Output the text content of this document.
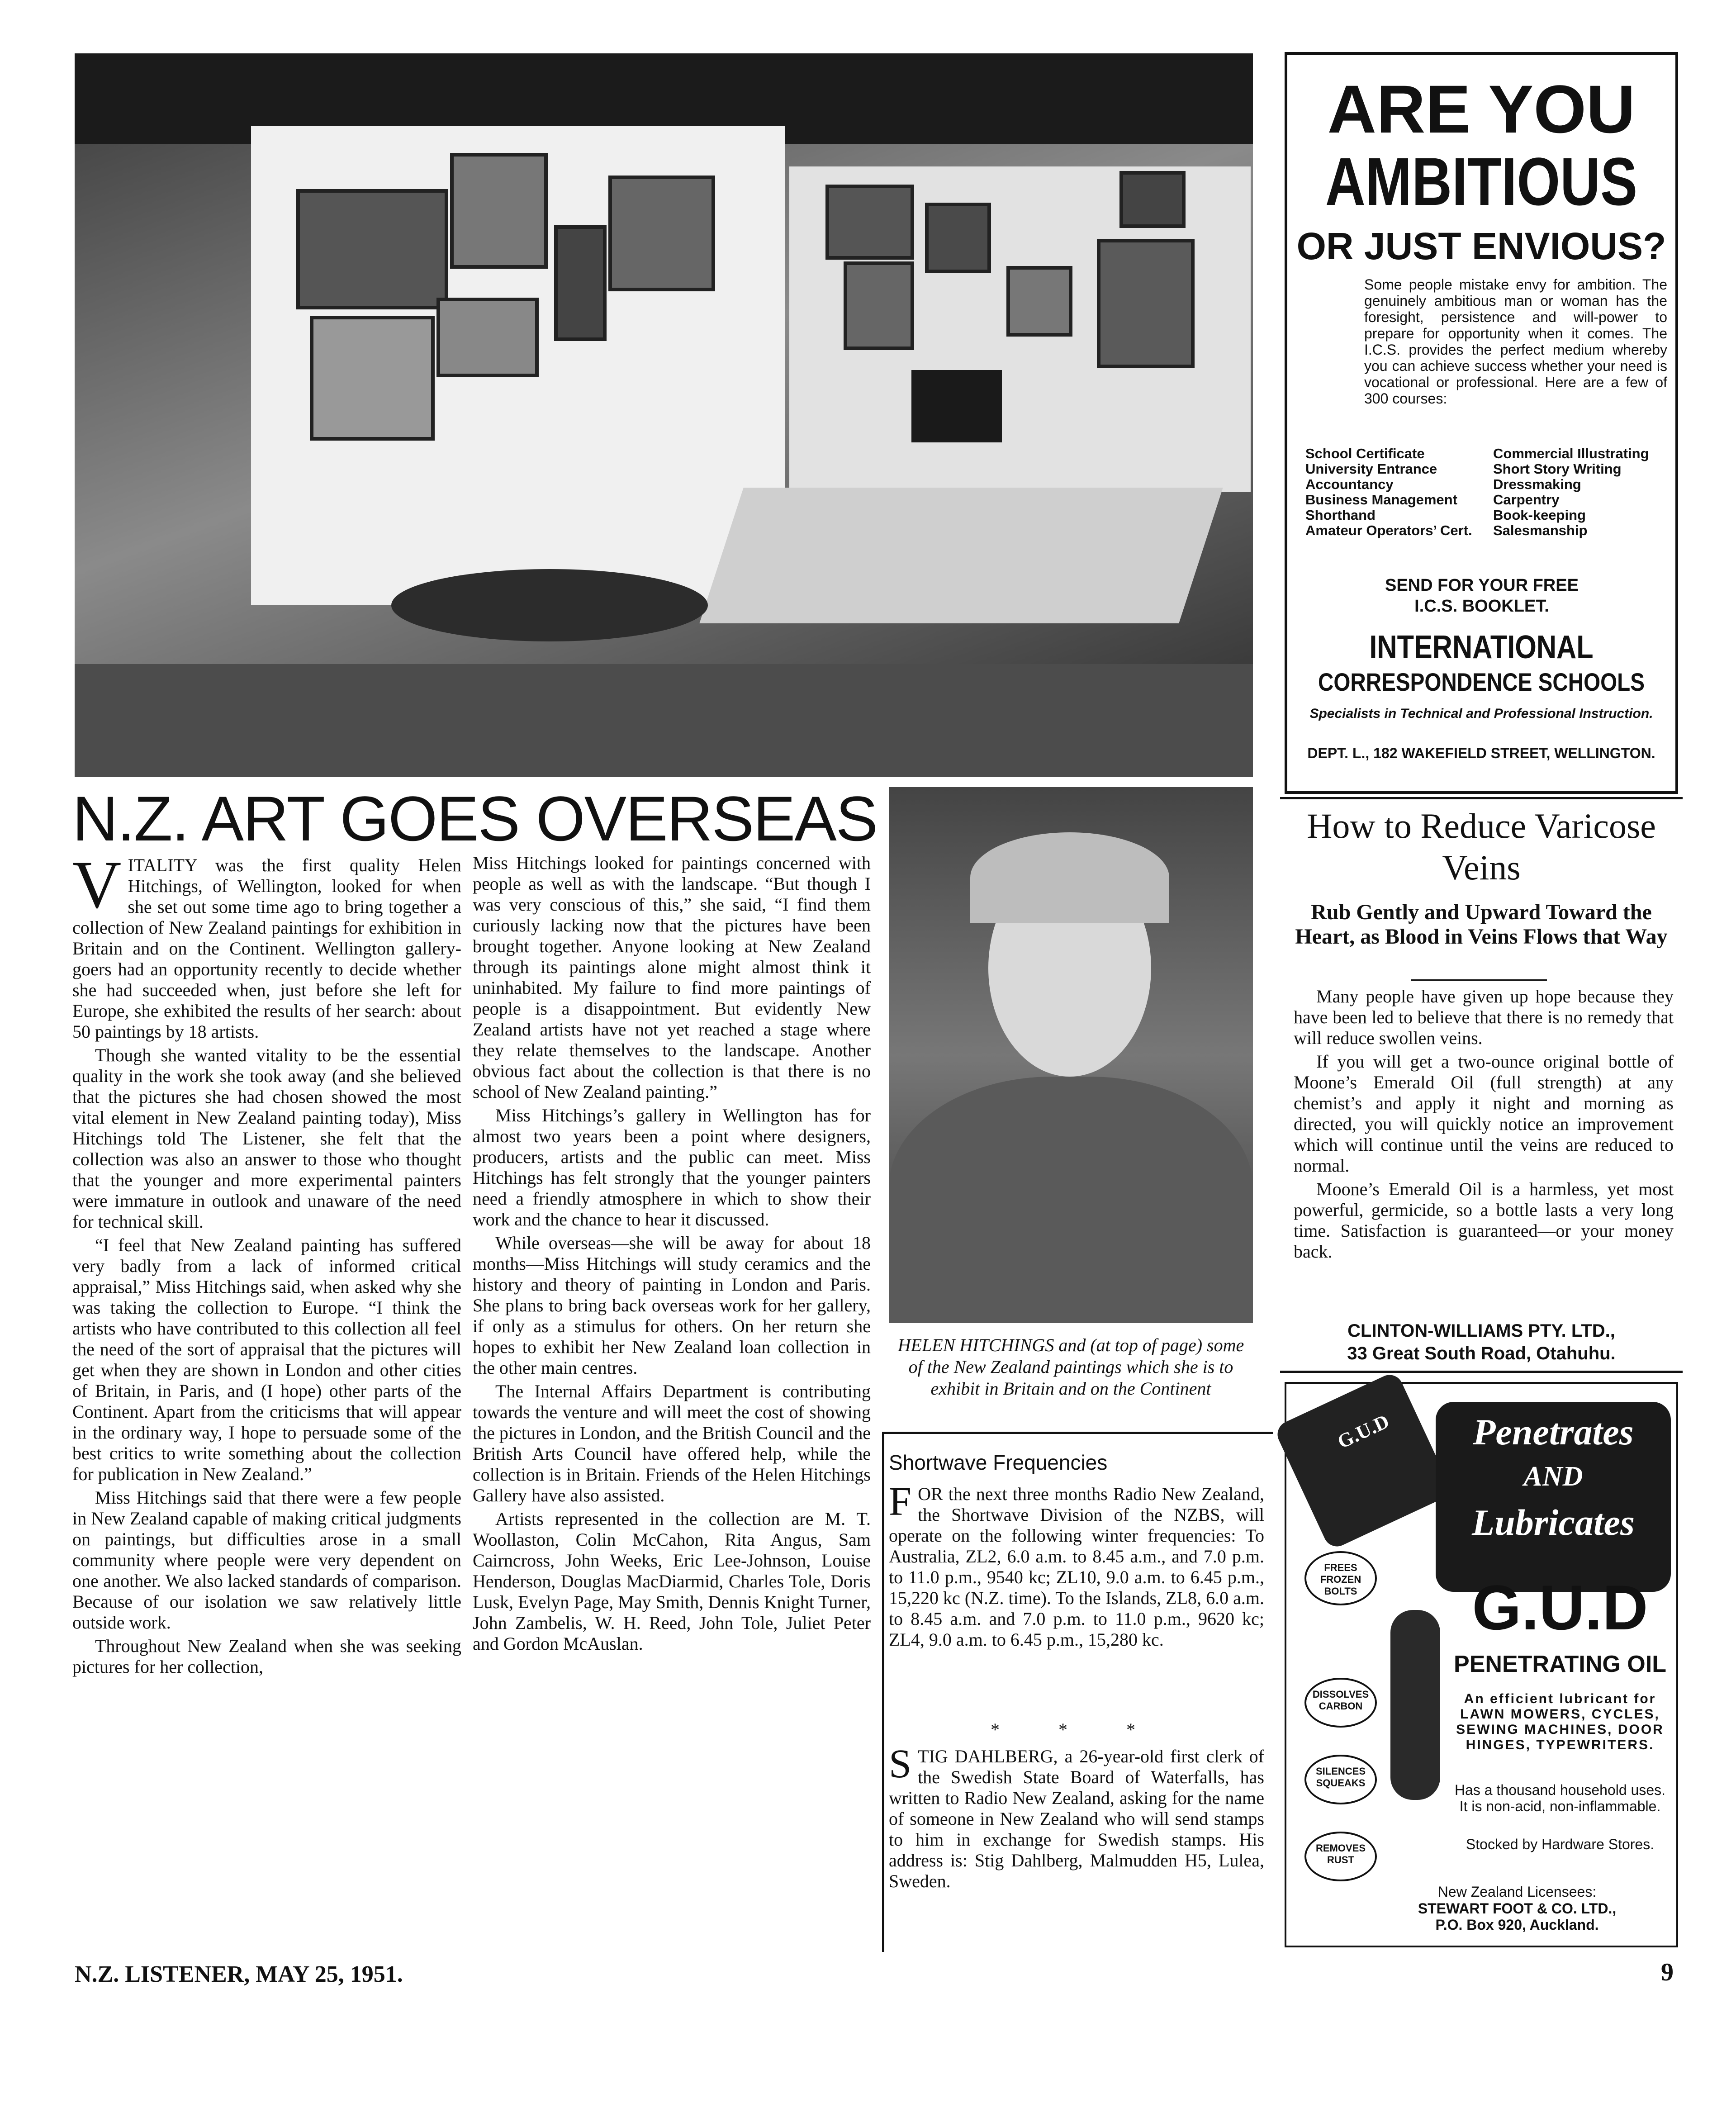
N.Z. ART GOES OVERSEAS
V ITALITY was the first quality Helen Hitchings, of Wellington, looked for when she set out some time ago to bring together a collection of New Zealand paintings for exhibition in Britain and on the Continent. Wellington gallery-goers had an opportunity recently to decide whether she had succeeded when, just before she left for Europe, she exhibited the results of her search: about 50 paintings by 18 artists.

Though she wanted vitality to be the essential quality in the work she took away (and she believed that the pictures she had chosen showed the most vital element in New Zealand painting today), Miss Hitchings told The Listener, she felt that the collection was also an answer to those who thought that the younger and more experimental painters were immature in outlook and unaware of the need for technical skill.

“I feel that New Zealand painting has suffered very badly from a lack of informed critical appraisal,” Miss Hitchings said, when asked why she was taking the collection to Europe. “I think the artists who have contributed to this collection all feel the need of the sort of appraisal that the pictures will get when they are shown in London and other cities of Britain, in Paris, and (I hope) other parts of the Continent. Apart from the criticisms that will appear in the ordinary way, I hope to persuade some of the best critics to write something about the collection for publication in New Zealand.”

Miss Hitchings said that there were a few people in New Zealand capable of making critical judgments on paintings, but difficulties arose in a small community where people were very dependent on one another. We also lacked standards of comparison. Because of our isolation we saw relatively little outside work.

Throughout New Zealand when she was seeking pictures for her collection,

Miss Hitchings looked for paintings concerned with people as well as with the landscape. “But though I was very conscious of this,” she said, “I find them curiously lacking now that the pictures have been brought together. Anyone looking at New Zealand through its paintings alone might almost think it uninhabited. My failure to find more paintings of people is a disappointment. But evidently New Zealand artists have not yet reached a stage where they relate themselves to the landscape. Another obvious fact about the collection is that there is no school of New Zealand painting.”

Miss Hitchings’s gallery in Wellington has for almost two years been a point where designers, producers, artists and the public can meet. Miss Hitchings has felt strongly that the younger painters need a friendly atmosphere in which to show their work and the chance to hear it discussed.

While overseas—she will be away for about 18 months—Miss Hitchings will study ceramics and the history and theory of painting in London and Paris. She plans to bring back overseas work for her gallery, if only as a stimulus for others. On her return she hopes to exhibit her New Zealand loan collection in the other main centres.

The Internal Affairs Department is contributing towards the venture and will meet the cost of showing the pictures in London, and the British Council and the British Arts Council have offered help, while the collection is in Britain. Friends of the Helen Hitchings Gallery have also assisted.

Artists represented in the collection are M. T. Woollaston, Colin McCahon, Rita Angus, Sam Cairncross, John Weeks, Eric Lee-Johnson, Louise Henderson, Douglas MacDiarmid, Charles Tole, Doris Lusk, Evelyn Page, May Smith, Dennis Knight Turner, John Zambelis, W. H. Reed, John Tole, Juliet Peter and Gordon McAuslan.

HELEN HITCHINGS and (at top of page) some of the New Zealand paintings which she is to exhibit in Britain and on the Continent
Shortwave Frequencies
F OR the next three months Radio New Zealand, the Shortwave Division of the NZBS, will operate on the following winter frequencies: To Australia, ZL2, 6.0 a.m. to 8.45 a.m., and 7.0 p.m. to 11.0 p.m., 9540 kc; ZL10, 9.0 a.m. to 6.45 p.m., 15,220 kc (N.Z. time). To the Islands, ZL8, 6.0 a.m. to 8.45 a.m. and 7.0 p.m. to 11.0 p.m., 9620 kc; ZL4, 9.0 a.m. to 6.45 p.m., 15,280 kc.
* * *
S TIG DAHLBERG, a 26-year-old first clerk of the Swedish State Board of Waterfalls, has written to Radio New Zealand, asking for the name of someone in New Zealand who will send stamps to him in exchange for Swedish stamps. His address is: Stig Dahlberg, Malmudden H5, Lulea, Sweden.
ARE YOU
AMBITIOUS
OR JUST ENVIOUS?
Some people mistake envy for ambition. The genuinely ambitious man or woman has the foresight, persistence and will-power to prepare for opportunity when it comes. The I.C.S. provides the perfect medium whereby you can achieve success whether your need is vocational or professional. Here are a few of 300 courses:
School Certificate
University Entrance
Accountancy
Business Management
Shorthand
Amateur Operators’ Cert.
Commercial Illustrating
Short Story Writing
Dressmaking
Carpentry
Book-keeping
Salesmanship
SEND FOR YOUR FREE I.C.S. BOOKLET.
INTERNATIONAL
CORRESPONDENCE SCHOOLS
Specialists in Technical and Professional Instruction.
DEPT. L., 182 WAKEFIELD STREET, WELLINGTON.
How to Reduce Varicose Veins
Rub Gently and Upward Toward the Heart, as Blood in Veins Flows that Way

Many people have given up hope because they have been led to believe that there is no remedy that will reduce swollen veins.

If you will get a two-ounce original bottle of Moone’s Emerald Oil (full strength) at any chemist’s and apply it night and morning as directed, you will quickly notice an improvement which will continue until the veins are reduced to normal.

Moone’s Emerald Oil is a harmless, yet most powerful, germicide, so a bottle lasts a very long time. Satisfaction is guaranteed—or your money back.

CLINTON-WILLIAMS PTY. LTD.,
33 Great South Road, Otahuhu.
G.U.D	Penetrates
AND
Lubricates
FREES FROZEN BOLTS
DISSOLVES CARBON
SILENCES SQUEAKS
REMOVES RUST
G.U.D
PENETRATING OIL
An efficient lubricant for LAWN MOWERS, CYCLES, SEWING MACHINES, DOOR HINGES, TYPEWRITERS.
Has a thousand household uses. It is non-acid, non-inflammable.
Stocked by Hardware Stores.
New Zealand Licensees:
STEWART FOOT & CO. LTD.,
P.O. Box 920, Auckland.
N.Z. LISTENER, MAY 25, 1951.	9
